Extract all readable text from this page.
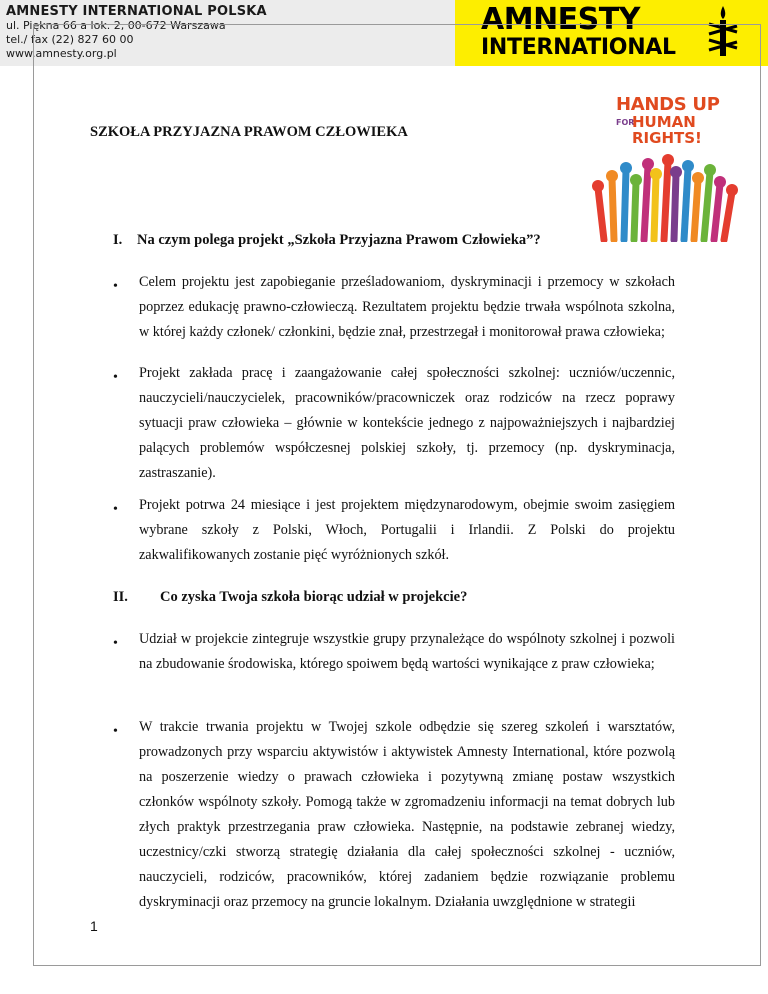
AMNESTY INTERNATIONAL POLSKA
ul. Piękna 66 a lok. 2, 00-672 Warszawa
tel./ fax (22) 827 60 00
www.amnesty.org.pl
AMNESTY
INTERNATIONAL
HANDS UP
FOR
HUMAN
RIGHTS!
SZKOŁA PRZYJAZNA PRAWOM CZŁOWIEKA
I. Na czym polega projekt „Szkoła Przyjazna Prawom Człowieka”?
• Celem projektu jest zapobieganie prześladowaniom, dyskryminacji i przemocy w szkołach poprzez edukację prawno-człowieczą. Rezultatem projektu będzie trwała wspólnota szkolna, w której każdy członek/ członkini, będzie znał, przestrzegał i monitorował prawa człowieka;
• Projekt zakłada pracę i zaangażowanie całej społeczności szkolnej: uczniów/uczennic, nauczycieli/nauczycielek, pracowników/pracowniczek oraz rodziców na rzecz poprawy sytuacji praw człowieka – głównie w kontekście jednego z najpoważniejszych i najbardziej palących problemów współczesnej polskiej szkoły, tj. przemocy (np. dyskryminacja, zastraszanie).
• Projekt potrwa 24 miesiące i jest projektem międzynarodowym, obejmie swoim zasięgiem wybrane szkoły z Polski, Włoch, Portugalii i Irlandii. Z Polski do projektu zakwalifikowanych zostanie pięć wyróżnionych szkół.
II. Co zyska Twoja szkoła biorąc udział w projekcie?
• Udział w projekcie zintegruje wszystkie grupy przynależące do wspólnoty szkolnej i pozwoli na zbudowanie środowiska, którego spoiwem będą wartości wynikające z praw człowieka;
• W trakcie trwania projektu w Twojej szkole odbędzie się szereg szkoleń i warsztatów, prowadzonych przy wsparciu aktywistów i aktywistek Amnesty International, które pozwolą na poszerzenie wiedzy o prawach człowieka i pozytywną zmianę postaw wszystkich członków wspólnoty szkoły. Pomogą także w zgromadzeniu informacji na temat dobrych lub złych praktyk przestrzegania praw człowieka. Następnie, na podstawie zebranej wiedzy, uczestnicy/czki stworzą strategię działania dla całej społeczności szkolnej - uczniów, nauczycieli, rodziców, pracowników, której zadaniem będzie rozwiązanie problemu dyskryminacji oraz przemocy na gruncie lokalnym. Działania uwzględnione w strategii
1
